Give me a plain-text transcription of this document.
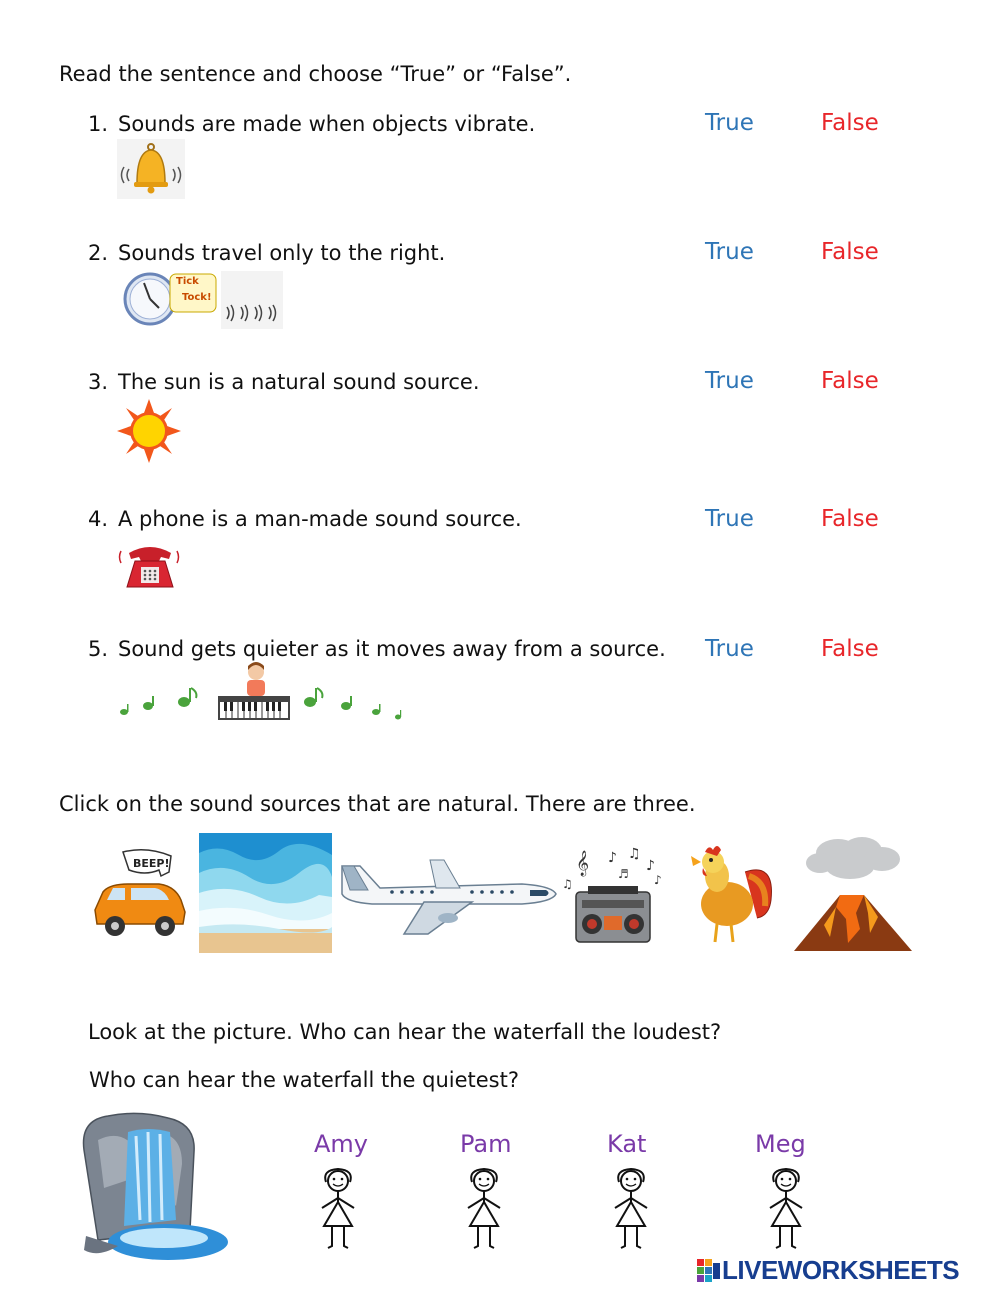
Read the sentence and choose “True” or “False”.
1. Sounds are made when objects vibrate.	True	False
2. Sounds travel only to the right.	True	False
Tick
Tock!
3. The sun is a natural sound source.	True	False
4. A phone is a man-made sound source.	True	False
5. Sound gets quieter as it moves away from a source. True	False
Click on the sound sources that are natural. There are three.
BEEP!	𝄞 ♪ ♫
♪
♫	♪
♬
Look at the picture. Who can hear the waterfall the loudest?
Who can hear the waterfall the quietest?
Amy	Pam	Kat	Meg
LIVEWORKSHEETS
